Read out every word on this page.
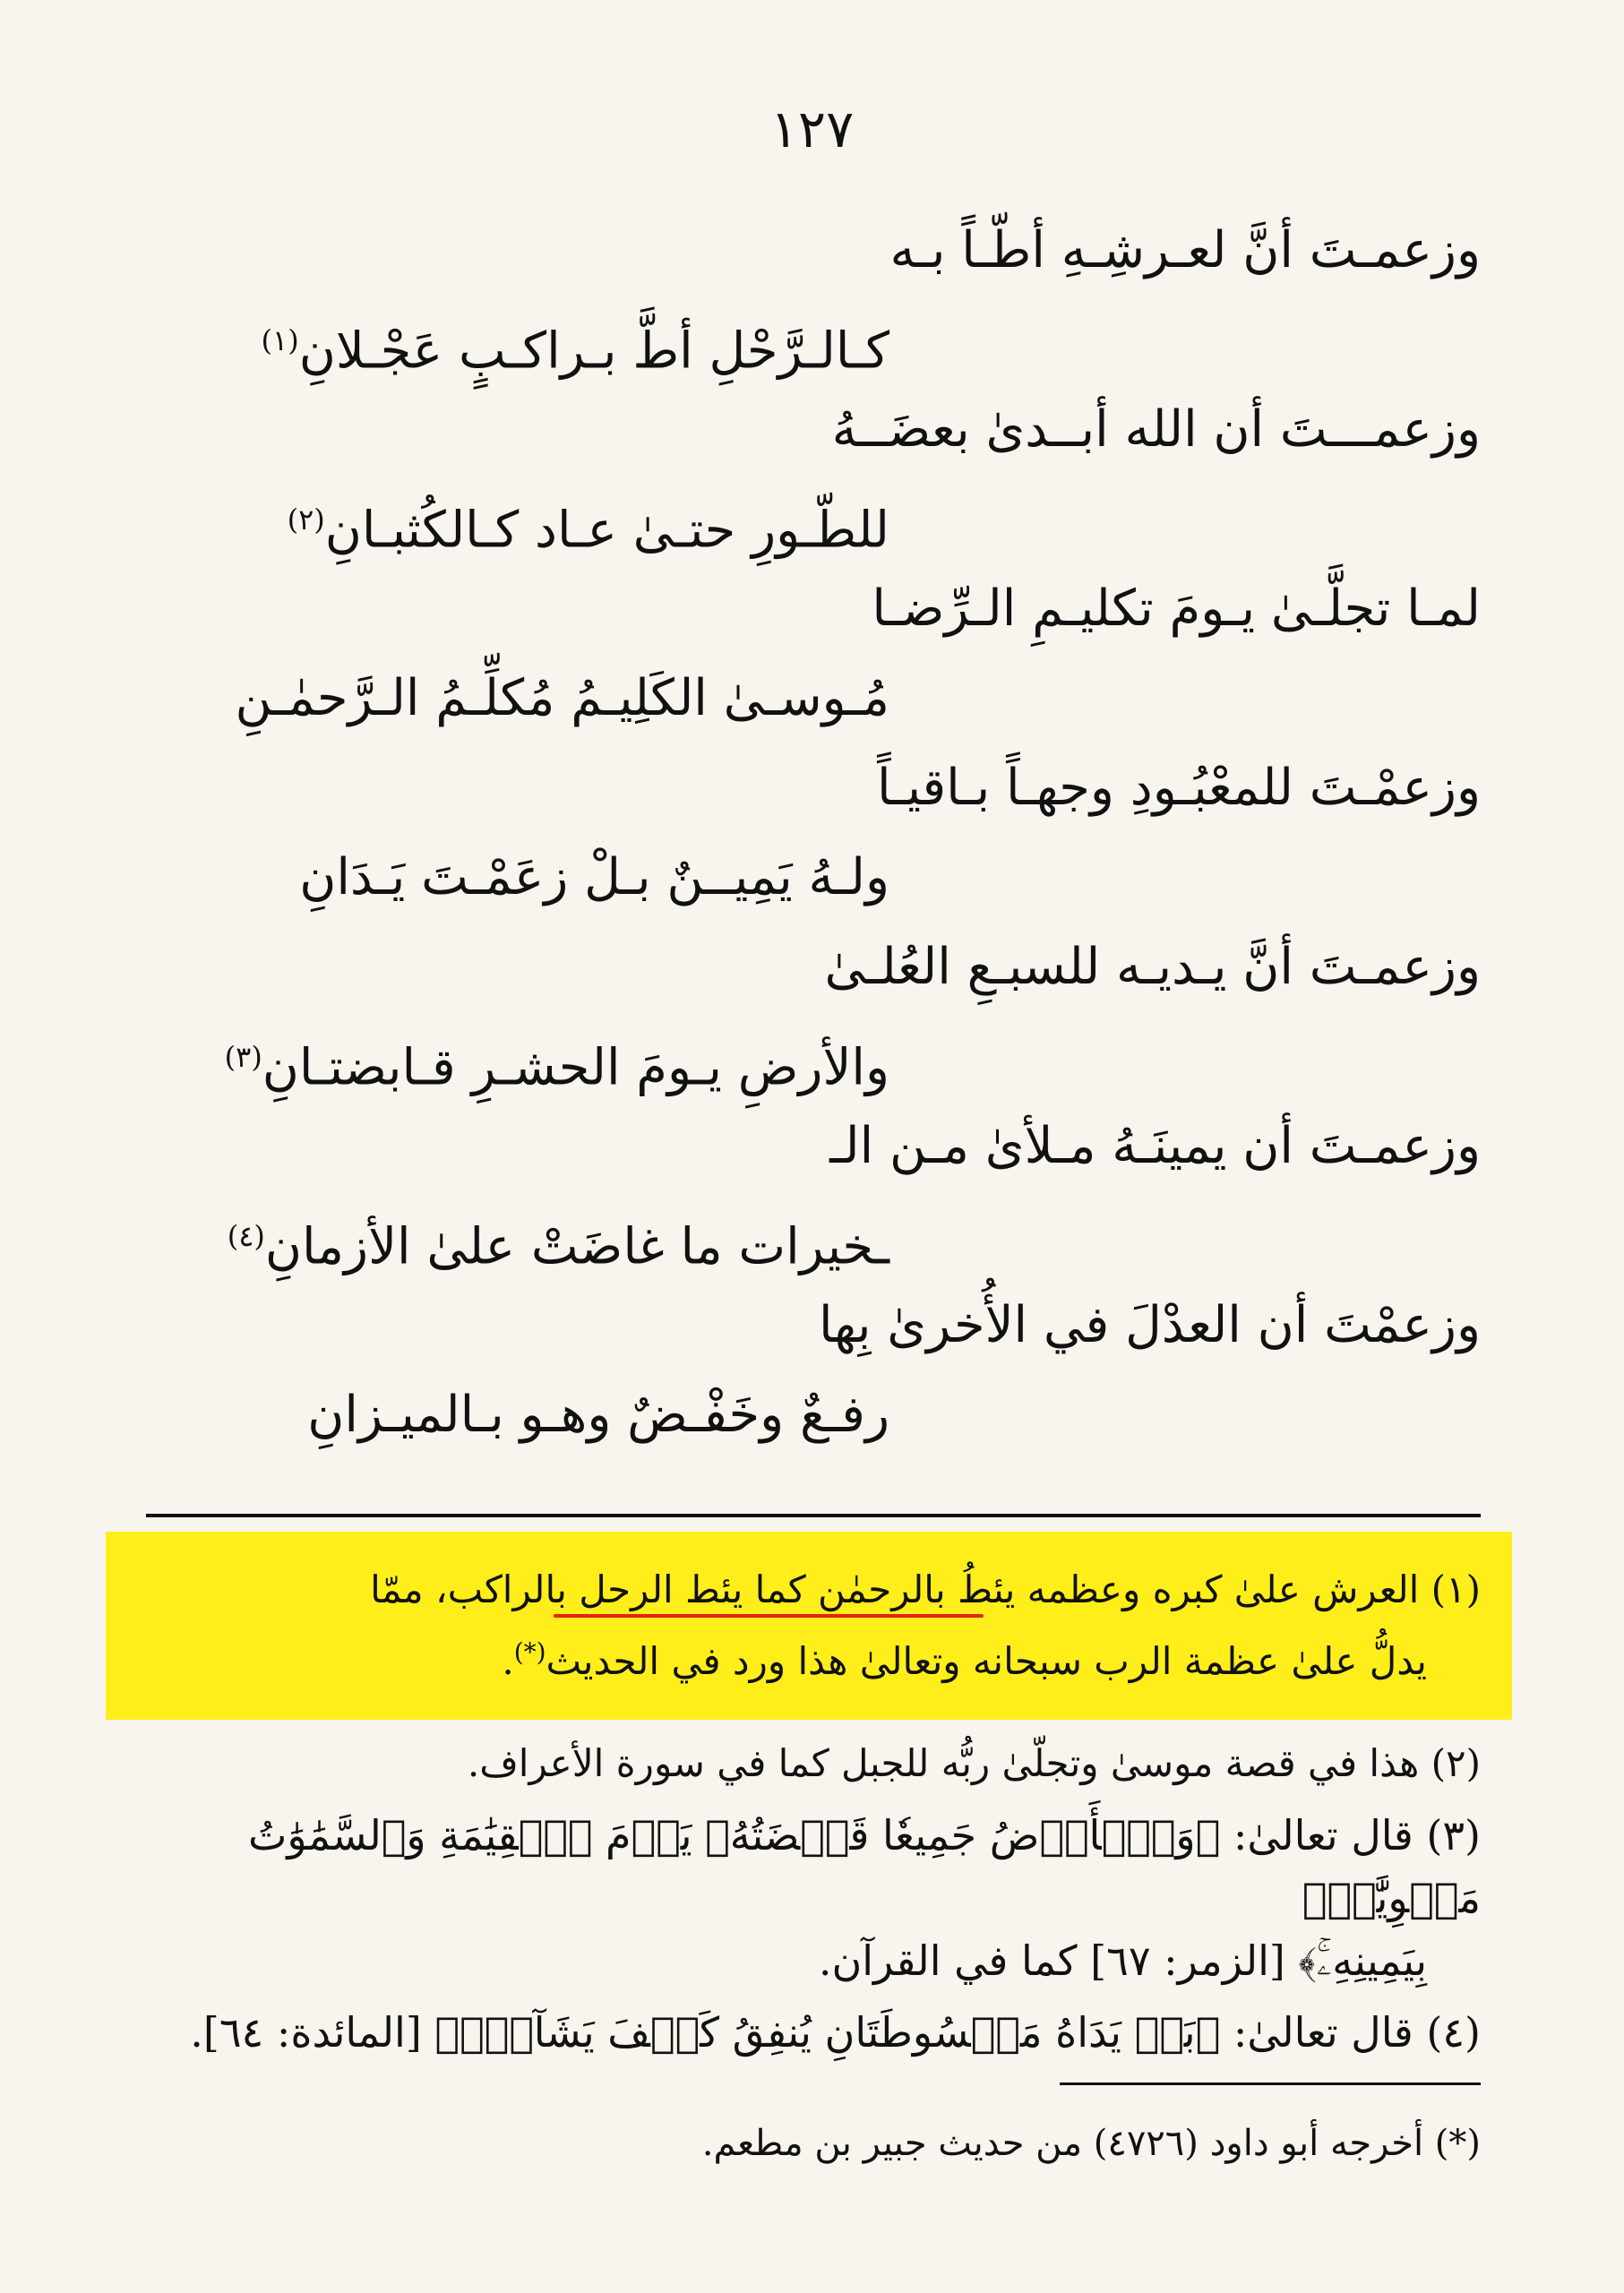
١٢٧
وزعمـتَ أنَّ لعـرشِـهِ أطّـاً بـه
كـالـرَّحْلِ أطَّ بـراكـبٍ عَجْـلانِ$^{(١)}$
وزعمـــتَ أن الله أبــدىٰ بعضَــهُ
للطّـورِ حتـىٰ عـاد كـالكُثبـانِ$^{(٢)}$
لمـا تجلَّـىٰ يـومَ تكليـمِ الـرِّضـا
مُـوسـىٰ الكَلِيـمُ مُكلِّـمُ الـرَّحمٰـنِ
وزعمْـتَ للمعْبُـودِ وجهـاً بـاقيـاً
ولـهُ يَمِيــنٌ بـلْ زعَمْـتَ يَـدَانِ
وزعمـتَ أنَّ يـديـه للسبـعِ العُلـىٰ
والأرضِ يـومَ الحشـرِ قـابضتـانِ$^{(٣)}$
وزعمـتَ أن يمينَـهُ مـلأىٰ مـن الـ
ـخيرات ما غاضَتْ علىٰ الأزمانِ$^{(٤)}$
وزعمْتَ أن العدْلَ في الأُخرىٰ بِها
رفـعٌ وخَفْـضٌ وهـو بـالميـزانِ

(١) العرش علىٰ كبره وعظمه يئطُ بالرحمٰن كما يئط الرحل بالراكب، ممّا

يدلُّ علىٰ عظمة الرب سبحانه وتعالىٰ هذا ورد في الحديث(*).

(٢) هذا في قصة موسىٰ وتجلّىٰ ربُّه للجبل كما في سورة الأعراف.

(٣) قال تعالىٰ: ﴿وَٱلۡأَرۡضُ جَمِيعٗا قَبۡضَتُهُۥ يَوۡمَ ٱلۡقِيَٰمَةِ وَٱلسَّمَٰوَٰتُ مَطۡوِيَّٰتُۢ

بِيَمِينِهِۦۚ﴾ [الزمر: ٦٧] كما في القرآن.

(٤) قال تعالىٰ: ﴿بَلۡ يَدَاهُ مَبۡسُوطَتَانِ يُنفِقُ كَيۡفَ يَشَآءُۚ﴾ [المائدة: ٦٤].

(*) أخرجه أبو داود (٤٧٢٦) من حديث جبير بن مطعم.
